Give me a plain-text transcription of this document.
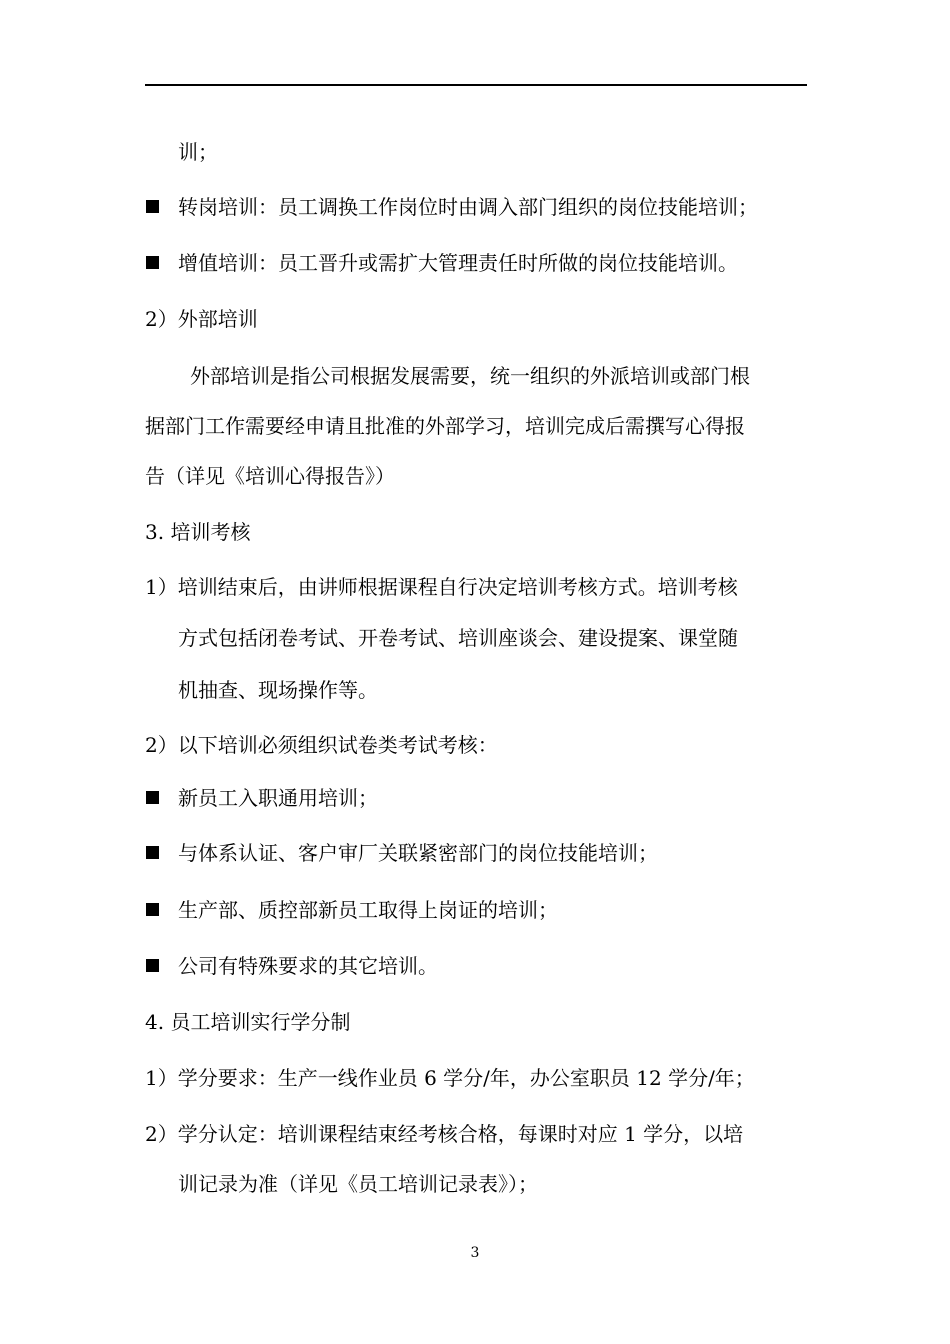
训；
转岗培训：员工调换工作岗位时由调入部门组织的岗位技能培训；
增值培训：员工晋升或需扩大管理责任时所做的岗位技能培训。
2）外部培训
外部培训是指公司根据发展需要，统一组织的外派培训或部门根
据部门工作需要经申请且批准的外部学习，培训完成后需撰写心得报
告（详见《培训心得报告》）
3. 培训考核
1）培训结束后，由讲师根据课程自行决定培训考核方式。培训考核
方式包括闭卷考试、开卷考试、培训座谈会、建设提案、课堂随
机抽查、现场操作等。
2）以下培训必须组织试卷类考试考核：
新员工入职通用培训；
与体系认证、客户审厂关联紧密部门的岗位技能培训；
生产部、质控部新员工取得上岗证的培训；
公司有特殊要求的其它培训。
4. 员工培训实行学分制
1）学分要求：生产一线作业员 6 学分/年，办公室职员 12 学分/年；
2）学分认定：培训课程结束经考核合格，每课时对应 1 学分，以培
训记录为准（详见《员工培训记录表》）；
3
